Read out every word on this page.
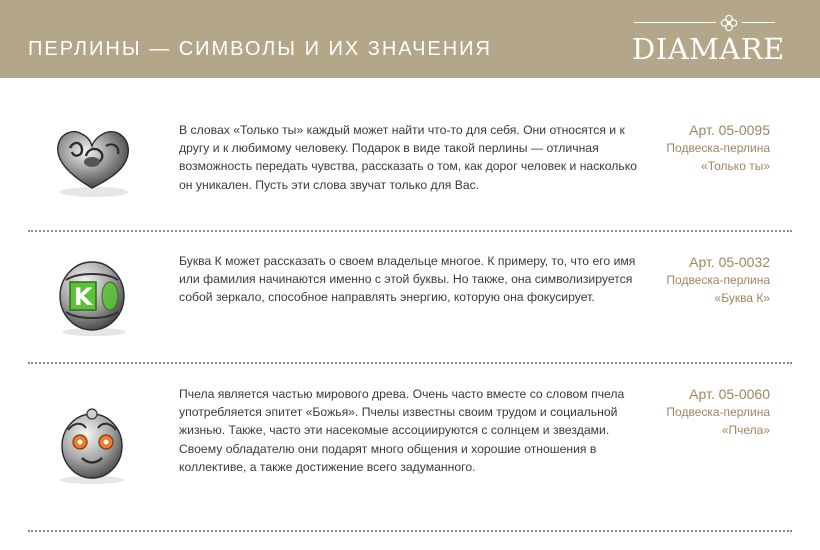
ПЕРЛИНЫ — СИМВОЛЫ И ИХ ЗНАЧЕНИЯ	DIAMARE

В словах «Только ты» каждый может найти что-то для себя. Они относятся и к другу и к любимому человеку. Подарок в виде такой перлины — отличная возможность передать чувства, рассказать о том, как дорог человек и насколько он уникален. Пусть эти слова звучат только для Вас.

Арт. 05-0095
Подвеска-перлина
«Только ты»
K

Буква К может рассказать о своем владельце многое. К примеру, то, что его имя или фамилия начинаются именно с этой буквы. Но также, она символизируется собой зеркало, способное направлять энергию, которую она фокусирует.

Арт. 05-0032
Подвеска-перлина
«Буква К»

Пчела является частью мирового древа. Очень часто вместе со словом пчела употребляется эпитет «Божья». Пчелы известны своим трудом и социальной жизнью. Также, часто эти насекомые ассоциируются с солнцем и звездами. Своему обладателю они подарят много общения и хорошие отношения в коллективе, а также достижение всего задуманного.

Арт. 05-0060
Подвеска-перлина
«Пчела»
